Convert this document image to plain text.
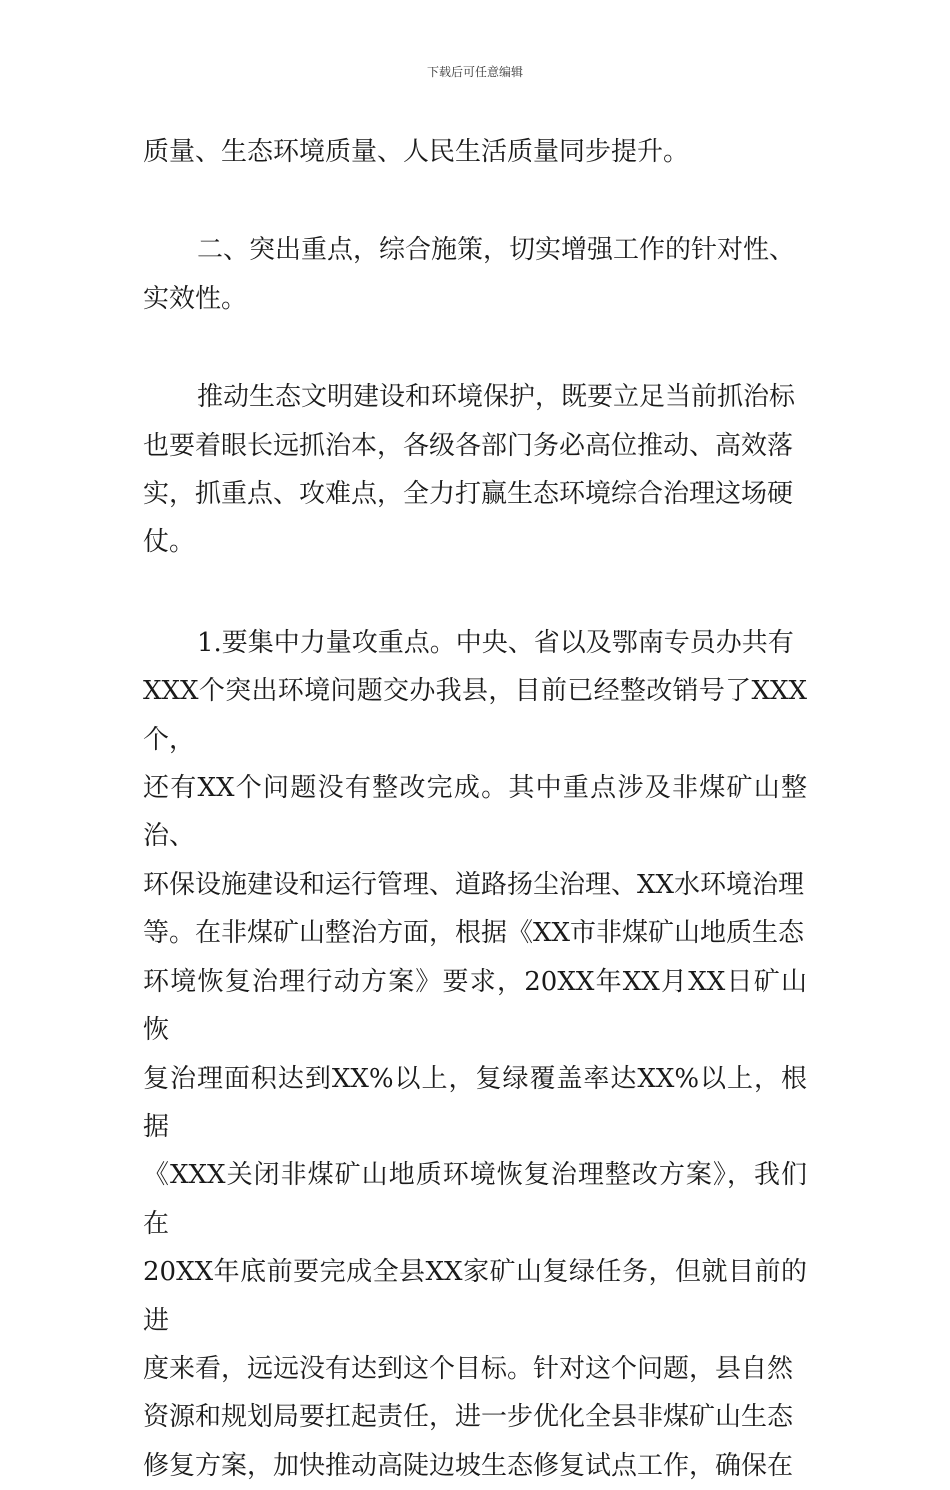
下载后可任意编辑

质量、生态环境质量、人民生活质量同步提升。

二、突出重点，综合施策，切实增强工作的针对性、
实效性。

推动生态文明建设和环境保护，既要立足当前抓治标
也要着眼长远抓治本，各级各部门务必高位推动、高效落
实，抓重点、攻难点，全力打赢生态环境综合治理这场硬
仗。

1.要集中力量攻重点。中央、省以及鄂南专员办共有
XXX个突出环境问题交办我县，目前已经整改销号了XXX个，
还有XX个问题没有整改完成。其中重点涉及非煤矿山整治、
环保设施建设和运行管理、道路扬尘治理、XX水环境治理
等。在非煤矿山整治方面，根据《XX市非煤矿山地质生态
环境恢复治理行动方案》要求，20XX年XX月XX日矿山恢
复治理面积达到XX%以上，复绿覆盖率达XX%以上，根据
《XXX关闭非煤矿山地质环境恢复治理整改方案》，我们在
20XX年底前要完成全县XX家矿山复绿任务，但就目前的进
度来看，远远没有达到这个目标。针对这个问题，县自然
资源和规划局要扛起责任，进一步优化全县非煤矿山生态
修复方案，加快推动高陡边坡生态修复试点工作，确保在
